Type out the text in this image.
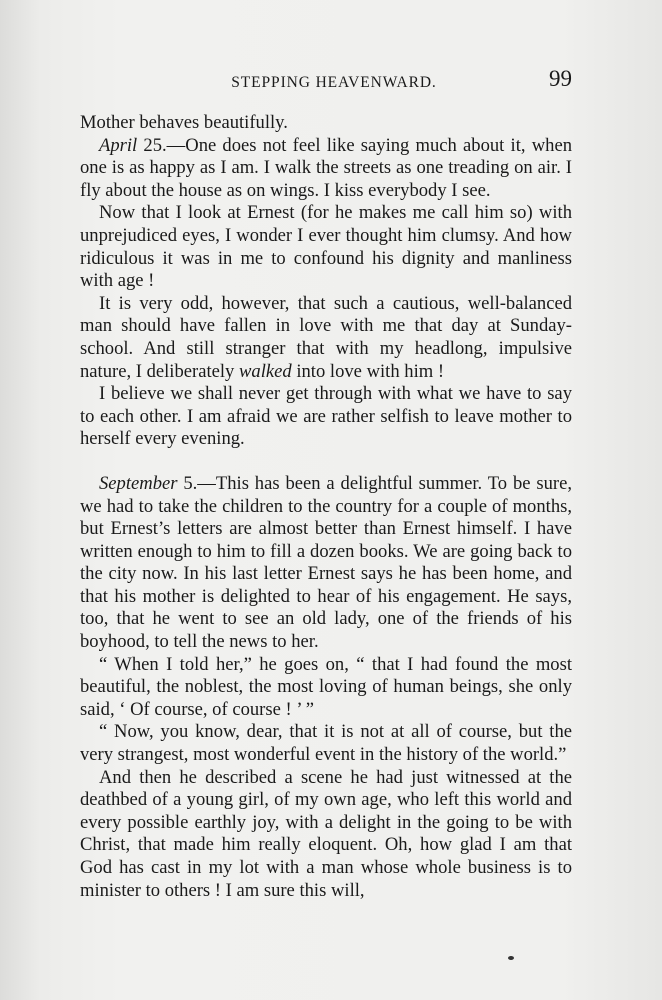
STEPPING HEAVENWARD.	99

Mother behaves beautifully.

April 25.—One does not feel like saying much about it, when one is as happy as I am. I walk the streets as one treading on air. I fly about the house as on wings. I kiss everybody I see.

Now that I look at Ernest (for he makes me call him so) with unprejudiced eyes, I wonder I ever thought him clumsy. And how ridiculous it was in me to confound his dignity and manliness with age !

It is very odd, however, that such a cautious, well-balanced man should have fallen in love with me that day at Sunday-school. And still stranger that with my headlong, impulsive nature, I deliberately walked into love with him !

I believe we shall never get through with what we have to say to each other. I am afraid we are rather selfish to leave mother to herself every evening.

September 5.—This has been a delightful summer. To be sure, we had to take the children to the country for a couple of months, but Ernest’s letters are almost better than Ernest himself. I have written enough to him to fill a dozen books. We are going back to the city now. In his last letter Ernest says he has been home, and that his mother is delighted to hear of his engagement. He says, too, that he went to see an old lady, one of the friends of his boyhood, to tell the news to her.

“ When I told her,” he goes on, “ that I had found the most beautiful, the noblest, the most loving of human beings, she only said, ‘ Of course, of course ! ’ ”

“ Now, you know, dear, that it is not at all of course, but the very strangest, most wonderful event in the history of the world.”

And then he described a scene he had just witnessed at the deathbed of a young girl, of my own age, who left this world and every possible earthly joy, with a delight in the going to be with Christ, that made him really eloquent. Oh, how glad I am that God has cast in my lot with a man whose whole business is to minister to others ! I am sure this will,
